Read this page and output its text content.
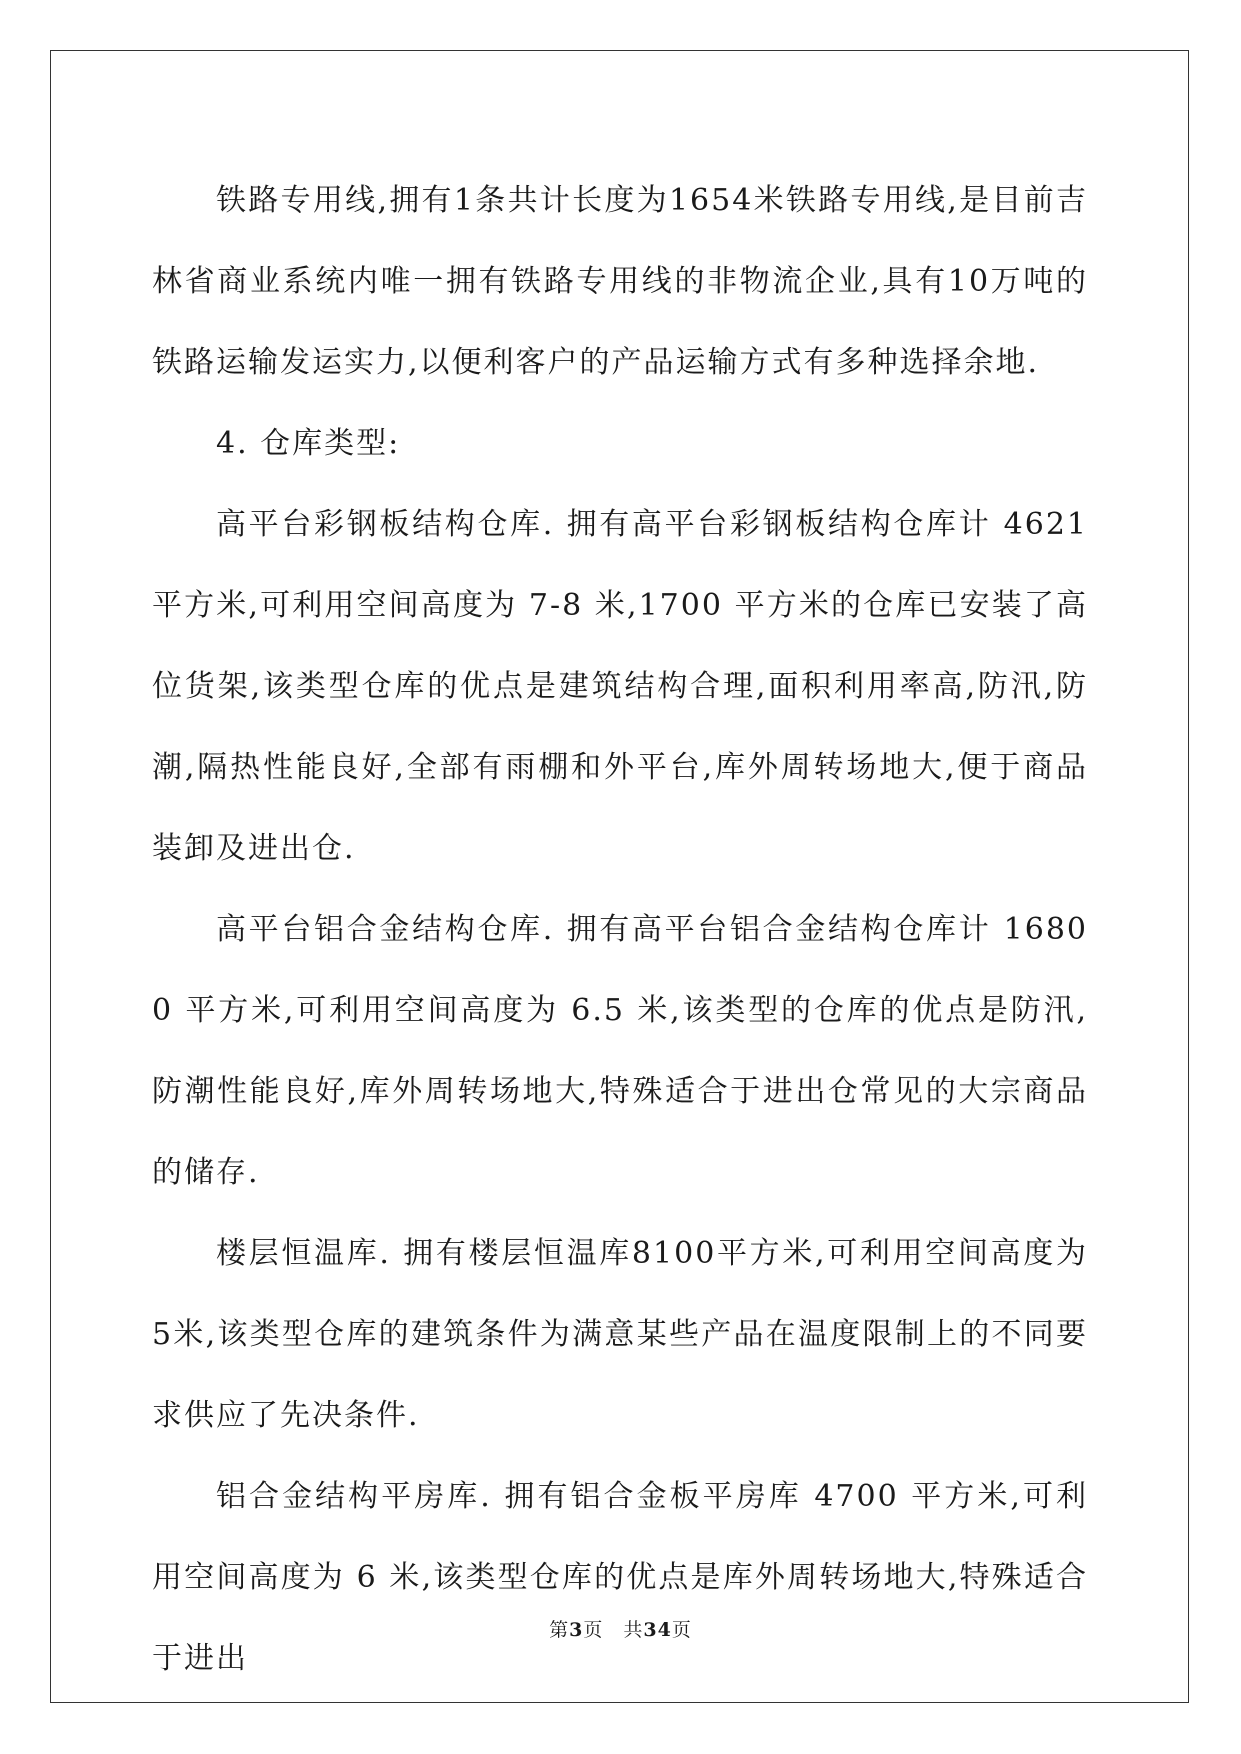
铁路专用线,拥有1条共计长度为1654米铁路专用线,是目前吉林省商业系统内唯一拥有铁路专用线的非物流企业,具有10万吨的铁路运输发运实力,以便利客户的产品运输方式有多种选择余地.

4. 仓库类型:

高平台彩钢板结构仓库. 拥有高平台彩钢板结构仓库计 4621 平方米,可利用空间高度为 7-8 米,1700 平方米的仓库已安装了高位货架,该类型仓库的优点是建筑结构合理,面积利用率高,防汛,防潮,隔热性能良好,全部有雨棚和外平台,库外周转场地大,便于商品装卸及进出仓.

高平台铝合金结构仓库. 拥有高平台铝合金结构仓库计 16800 平方米,可利用空间高度为 6.5 米,该类型的仓库的优点是防汛,防潮性能良好,库外周转场地大,特殊适合于进出仓常见的大宗商品的储存.

楼层恒温库. 拥有楼层恒温库8100平方米,可利用空间高度为5米,该类型仓库的建筑条件为满意某些产品在温度限制上的不同要求供应了先决条件.

铝合金结构平房库. 拥有铝合金板平房库 4700 平方米,可利用空间高度为 6 米,该类型仓库的优点是库外周转场地大,特殊适合于进出

第3页 共34页
